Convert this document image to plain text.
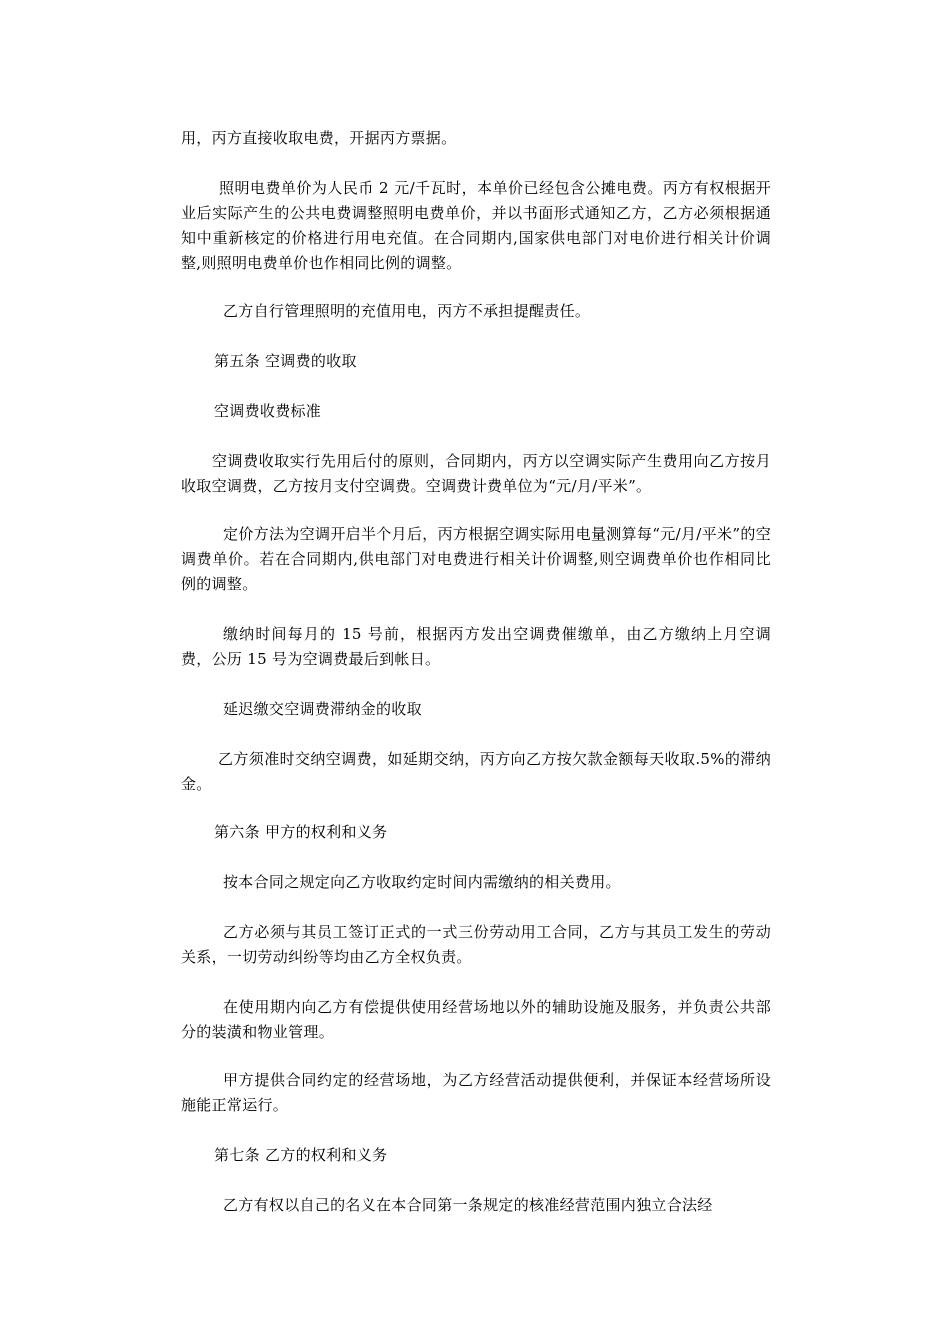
用，丙方直接收取电费，开据丙方票据。

照明电费单价为人民币 2 元/千瓦时，本单价已经包含公摊电费。丙方有权根据开业后实际产生的公共电费调整照明电费单价，并以书面形式通知乙方，乙方必须根据通知中重新核定的价格进行用电充值。在合同期内,国家供电部门对电价进行相关计价调整,则照明电费单价也作相同比例的调整。

乙方自行管理照明的充值用电，丙方不承担提醒责任。

第五条 空调费的收取

空调费收费标准

空调费收取实行先用后付的原则，合同期内，丙方以空调实际产生费用向乙方按月收取空调费，乙方按月支付空调费。空调费计费单位为“元/月/平米”。

定价方法为空调开启半个月后，丙方根据空调实际用电量测算每“元/月/平米”的空调费单价。若在合同期内,供电部门对电费进行相关计价调整,则空调费单价也作相同比例的调整。

缴纳时间每月的 15 号前，根据丙方发出空调费催缴单，由乙方缴纳上月空调费，公历 15 号为空调费最后到帐日。

延迟缴交空调费滞纳金的收取

乙方须准时交纳空调费，如延期交纳，丙方向乙方按欠款金额每天收取.5%的滞纳金。

第六条 甲方的权利和义务

按本合同之规定向乙方收取约定时间内需缴纳的相关费用。

乙方必须与其员工签订正式的一式三份劳动用工合同，乙方与其员工发生的劳动关系，一切劳动纠纷等均由乙方全权负责。

在使用期内向乙方有偿提供使用经营场地以外的辅助设施及服务，并负责公共部分的装潢和物业管理。

甲方提供合同约定的经营场地，为乙方经营活动提供便利，并保证本经营场所设施能正常运行。

第七条 乙方的权利和义务

乙方有权以自己的名义在本合同第一条规定的核准经营范围内独立合法经
